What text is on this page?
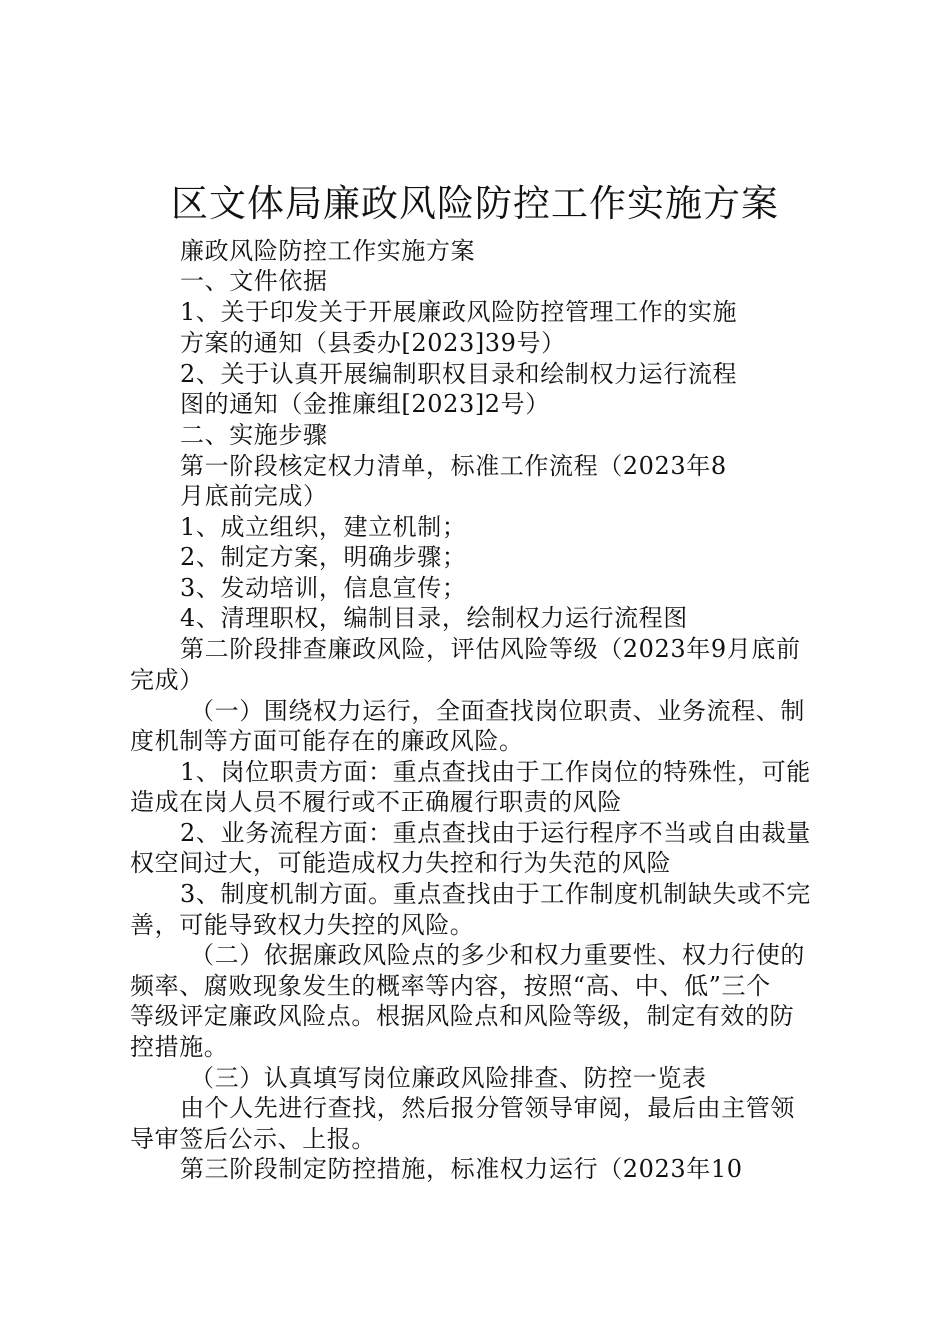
区文体局廉政风险防控工作实施方案
廉政风险防控工作实施方案
一、文件依据
1、关于印发关于开展廉政风险防控管理工作的实施
方案的通知（县委办[2023]39号）
2、关于认真开展编制职权目录和绘制权力运行流程
图的通知（金推廉组[2023]2号）
二、实施步骤
第一阶段核定权力清单，标准工作流程（2023年8
月底前完成）
1、成立组织，建立机制；
2、制定方案，明确步骤；
3、发动培训，信息宣传；
4、清理职权，编制目录，绘制权力运行流程图
第二阶段排查廉政风险，评估风险等级（2023年9月底前
完成）
（一）围绕权力运行，全面查找岗位职责、业务流程、制
度机制等方面可能存在的廉政风险。
1、岗位职责方面：重点查找由于工作岗位的特殊性，可能
造成在岗人员不履行或不正确履行职责的风险
2、业务流程方面：重点查找由于运行程序不当或自由裁量
权空间过大，可能造成权力失控和行为失范的风险
3、制度机制方面。重点查找由于工作制度机制缺失或不完
善，可能导致权力失控的风险。
（二）依据廉政风险点的多少和权力重要性、权力行使的
频率、腐败现象发生的概率等内容，按照“高、中、低”三个
等级评定廉政风险点。根据风险点和风险等级，制定有效的防
控措施。
（三）认真填写岗位廉政风险排查、防控一览表
由个人先进行查找，然后报分管领导审阅，最后由主管领
导审签后公示、上报。
第三阶段制定防控措施，标准权力运行（2023年10
